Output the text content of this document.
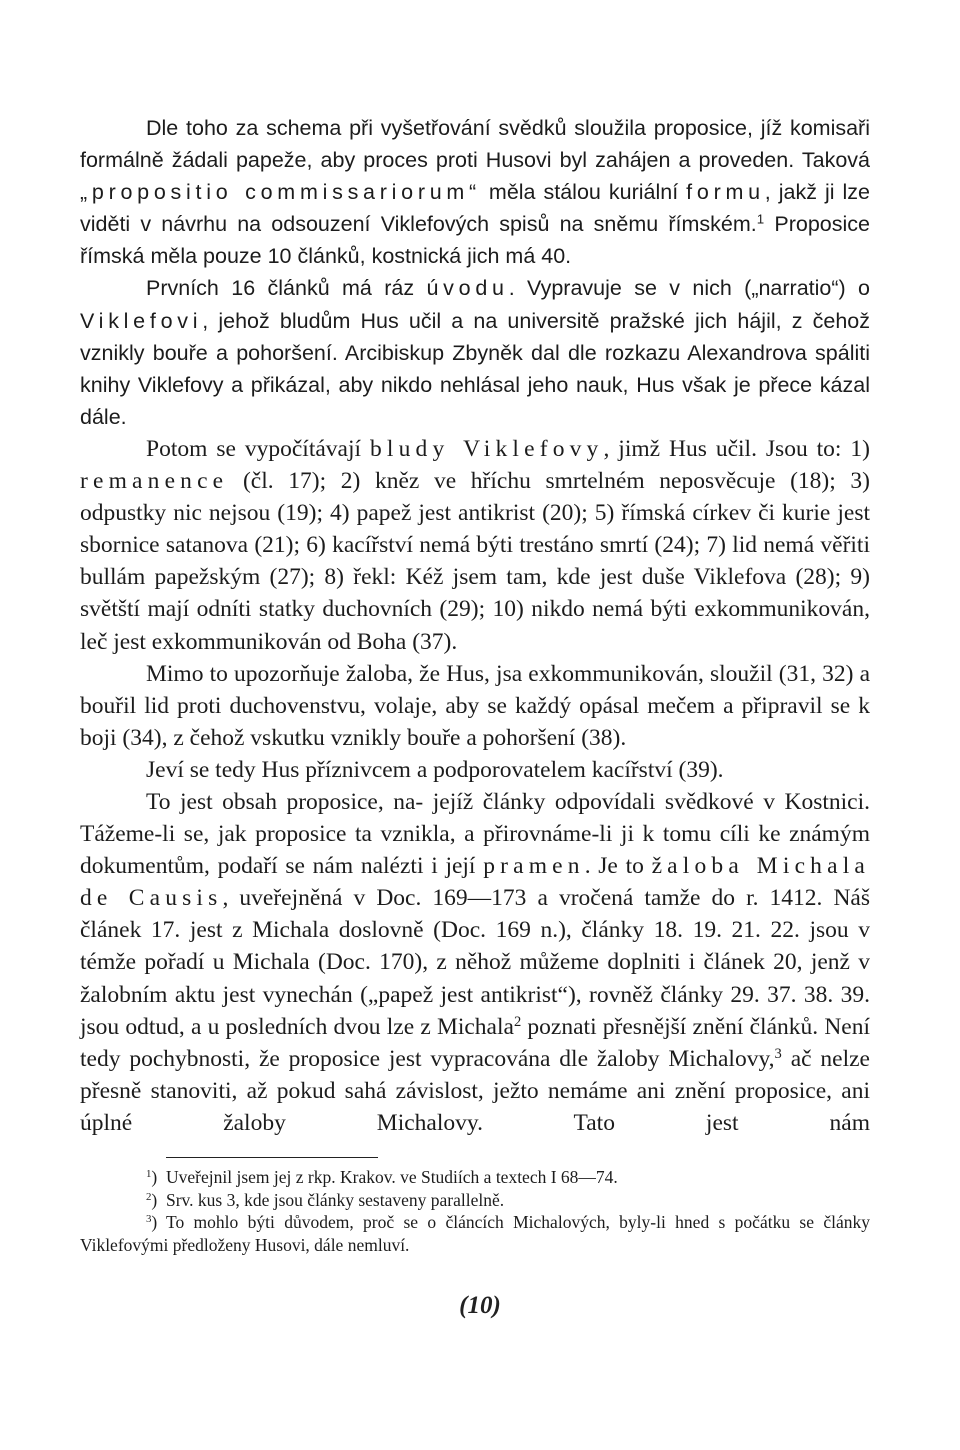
Dle toho za schema při vyšetřování svědků sloužila proposice, jíž komisaři formálně žádali papeže, aby proces proti Husovi byl zahájen a proveden. Taková „propositio commissariorum“ měla stálou kuriální formu, jakž ji lze viděti v návrhu na odsouzení Viklefových spisů na sněmu římském.$^1$ Proposice římská měla pouze 10 článků, kostnická jich má 40.

Prvních 16 článků má ráz úvodu. Vypravuje se v nich („narratio“) o Viklefovi, jehož bludům Hus učil a na universitě pražské jich hájil, z čehož vznikly bouře a pohoršení. Arcibiskup Zbyněk dal dle rozkazu Alexandrova spáliti knihy Viklefovy a přikázal, aby nikdo nehlásal jeho nauk, Hus však je přece kázal dále.

Potom se vypočítávají bludy Viklefovy, jimž Hus učil. Jsou to: 1) remanence (čl. 17); 2) kněz ve hříchu smrtelném neposvěcuje (18); 3) odpustky nic nejsou (19); 4) papež jest antikrist (20); 5) římská církev či kurie jest sbornice satanova (21); 6) kacířství nemá býti trestáno smrtí (24); 7) lid nemá věřiti bullám papežským (27); 8) řekl: Kéž jsem tam, kde jest duše Viklefova (28); 9) světští mají odníti statky duchovních (29); 10) nikdo nemá býti exkommunikován, leč jest exkommunikován od Boha (37).

Mimo to upozorňuje žaloba, že Hus, jsa exkommunikován, sloužil (31, 32) a bouřil lid proti duchovenstvu, volaje, aby se každý opásal mečem a připravil se k boji (34), z čehož vskutku vznikly bouře a pohoršení (38).

Jeví se tedy Hus příznivcem a podporovatelem kacířství (39).

To jest obsah proposice, na- jejíž články odpovídali svědkové v Kostnici. Tážeme-li se, jak proposice ta vznikla, a přirovnáme-li ji k tomu cíli ke známým dokumentům, podaří se nám nalézti i její pramen. Je to žaloba Michala de Causis, uveřejněná v Doc. 169—173 a vročená tamže do r. 1412. Náš článek 17. jest z Michala doslovně (Doc. 169 n.), články 18. 19. 21. 22. jsou v témže pořadí u Michala (Doc. 170), z něhož můžeme doplniti i článek 20, jenž v žalobním aktu jest vynechán („papež jest antikrist“), rovněž články 29. 37. 38. 39. jsou odtud, a u posledních dvou lze z Michala$^2$ poznati přesnější znění článků. Není tedy pochybnosti, že proposice jest vypracována dle žaloby Michalovy,$^3$ ač nelze přesně stanoviti, až pokud sahá závislost, ježto nemáme ani znění proposice, ani úplné žaloby Michalovy. Tato jest nám

$^1$) Uveřejnil jsem jej z rkp. Krakov. ve Studiích a textech I 68—74.

$^2$) Srv. kus 3, kde jsou články sestaveny parallelně.

$^3$) To mohlo býti důvodem, proč se o článcích Michalových, byly-li hned s počátku se články Viklefovými předloženy Husovi, dále nemluví.

(10)
